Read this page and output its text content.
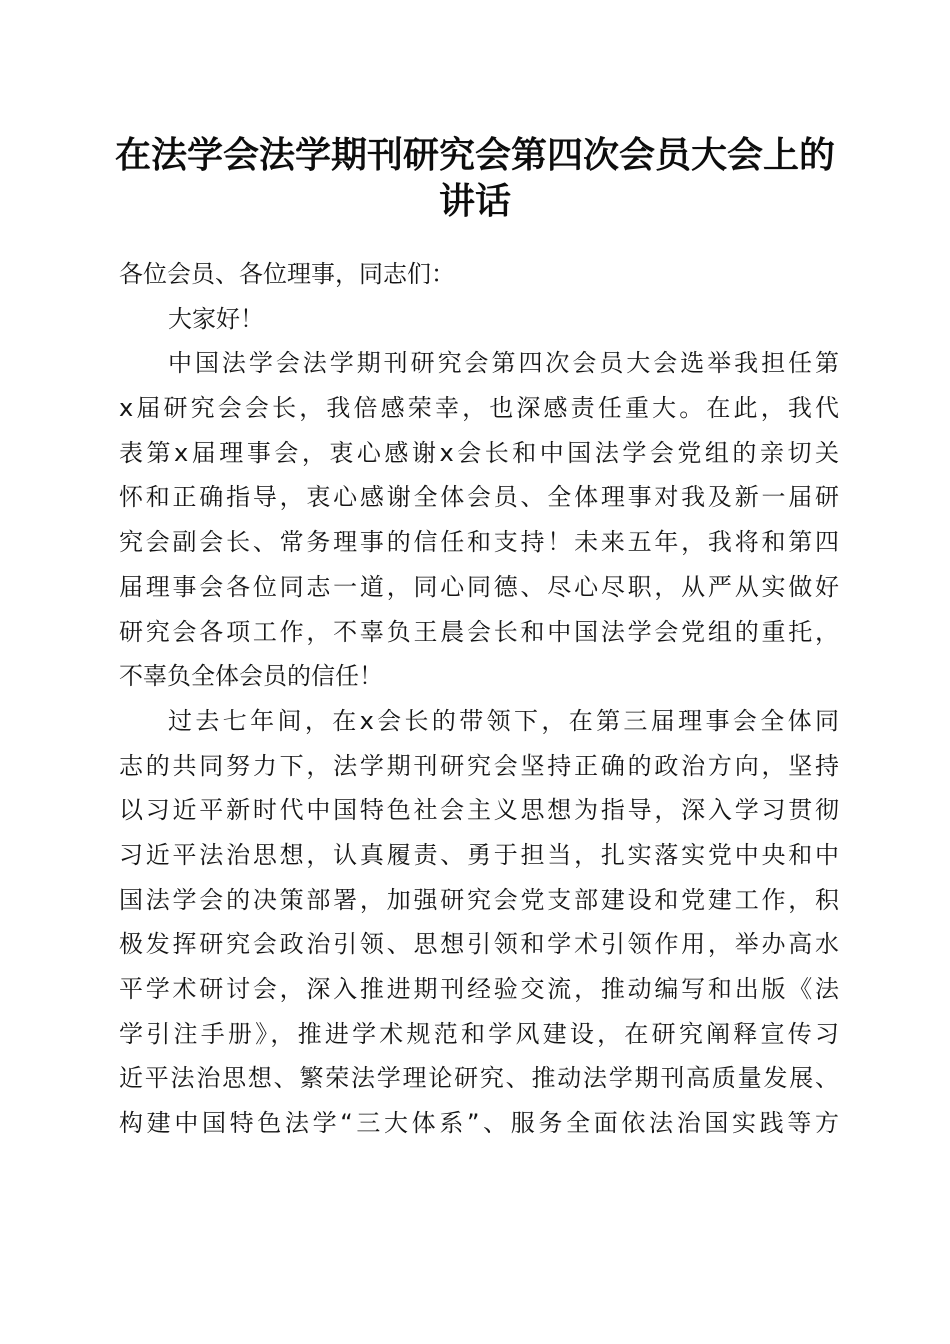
在法学会法学期刊研究会第四次会员大会上的
讲话
各位会员、各位理事，同志们：
大家好！
中国法学会法学期刊研究会第四次会员大会选举我担任第
x届研究会会长，我倍感荣幸，也深感责任重大。在此，我代
表第x届理事会，衷心感谢x会长和中国法学会党组的亲切关
怀和正确指导，衷心感谢全体会员、全体理事对我及新一届研
究会副会长、常务理事的信任和支持！未来五年，我将和第四
届理事会各位同志一道，同心同德、尽心尽职，从严从实做好
研究会各项工作，不辜负王晨会长和中国法学会党组的重托，
不辜负全体会员的信任！
过去七年间，在x会长的带领下，在第三届理事会全体同
志的共同努力下，法学期刊研究会坚持正确的政治方向，坚持
以习近平新时代中国特色社会主义思想为指导，深入学习贯彻
习近平法治思想，认真履责、勇于担当，扎实落实党中央和中
国法学会的决策部署，加强研究会党支部建设和党建工作，积
极发挥研究会政治引领、思想引领和学术引领作用，举办高水
平学术研讨会，深入推进期刊经验交流，推动编写和出版《法
学引注手册》，推进学术规范和学风建设，在研究阐释宣传习
近平法治思想、繁荣法学理论研究、推动法学期刊高质量发展、
构建中国特色法学“三大体系”、服务全面依法治国实践等方
